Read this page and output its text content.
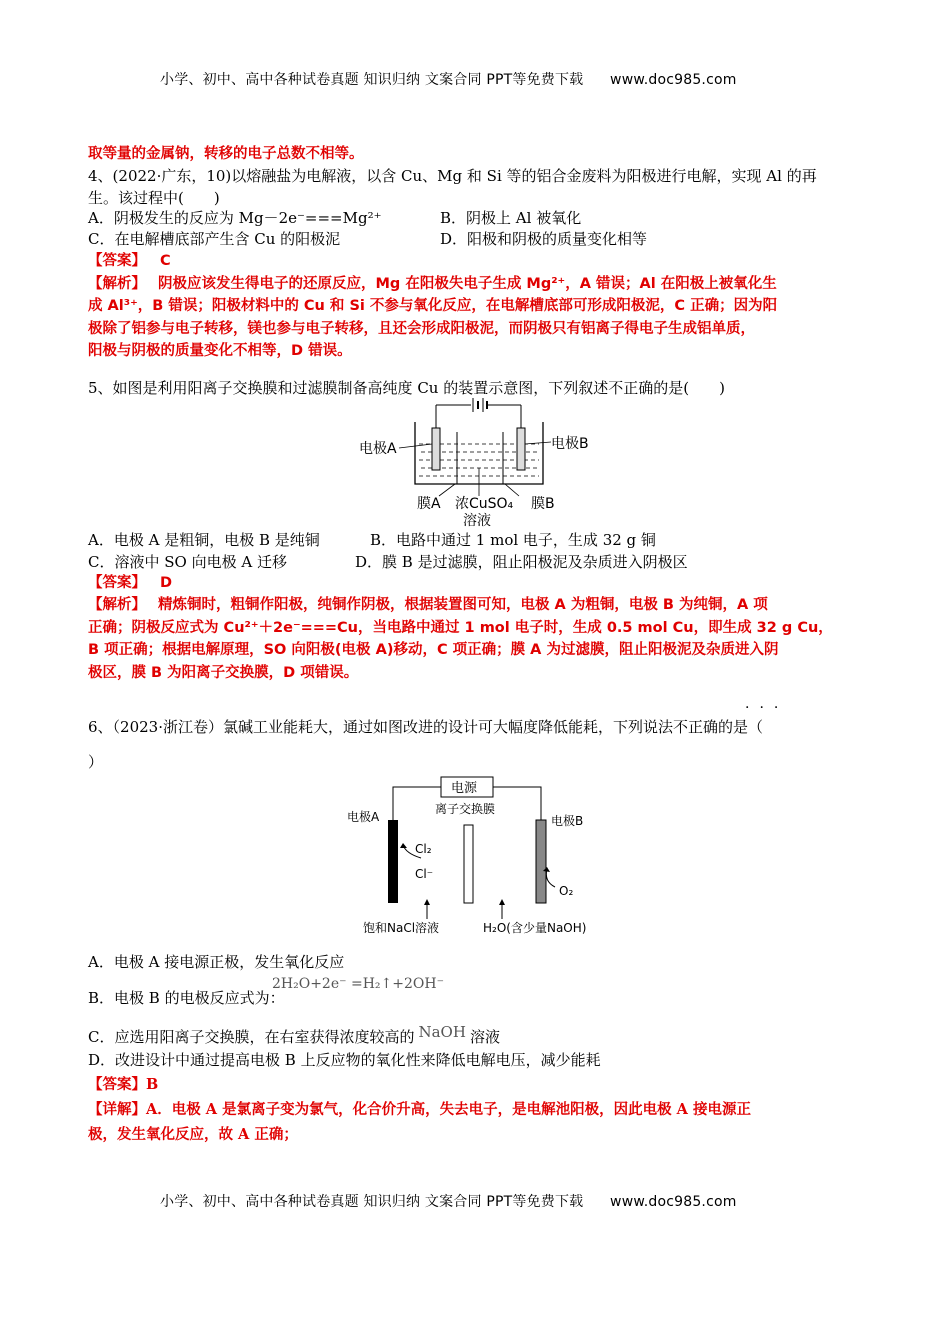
小学、初中、高中各种试卷真题 知识归纳 文案合同 PPT等免费下载 www.doc985.com
取等量的金属钠，转移的电子总数不相等。
4、(2022·广东，10)以熔融盐为电解液，以含 Cu、Mg 和 Si 等的铝合金废料为阳极进行电解，实现 Al 的再
生。该过程中(　　)
A．阴极发生的反应为 Mg－2e⁻===Mg²⁺	B．阴极上 Al 被氧化
C．在电解槽底部产生含 Cu 的阳极泥	D．阳极和阴极的质量变化相等
【答案】 C
【解析】 阴极应该发生得电子的还原反应，Mg 在阳极失电子生成 Mg²⁺，A 错误；Al 在阳极上被氧化生
成 Al³⁺，B 错误；阳极材料中的 Cu 和 Si 不参与氧化反应，在电解槽底部可形成阳极泥，C 正确；因为阳
极除了铝参与电子转移，镁也参与电子转移，且还会形成阳极泥，而阴极只有铝离子得电子生成铝单质，
阳极与阴极的质量变化不相等，D 错误。
5、如图是利用阳离子交换膜和过滤膜制备高纯度 Cu 的装置示意图，下列叙述不正确的是(　　)
电极A	电极B
膜A 浓CuSO₄ 膜B
溶液
A．电极 A 是粗铜，电极 B 是纯铜	B．电路中通过 1 mol 电子，生成 32 g 铜
C．溶液中 SO 向电极 A 迁移	D．膜 B 是过滤膜，阻止阳极泥及杂质进入阴极区
【答案】 D
【解析】 精炼铜时，粗铜作阳极，纯铜作阴极，根据装置图可知，电极 A 为粗铜，电极 B 为纯铜，A 项
正确；阴极反应式为 Cu²⁺＋2e⁻===Cu，当电路中通过 1 mol 电子时，生成 0.5 mol Cu，即生成 32 g Cu，
B 项正确；根据电解原理，SO 向阳极(电极 A)移动，C 项正确；膜 A 为过滤膜，阻止阳极泥及杂质进入阴
极区，膜 B 为阳离子交换膜，D 项错误。
···
6、（2023·浙江卷）氯碱工业能耗大，通过如图改进的设计可大幅度降低能耗，下列说法不正确的是（
）
电源
离子交换膜
电极A	电极B
Cl₂
Cl⁻
O₂
饱和NaCl溶液	H₂O(含少量NaOH)
A．电极 A 接电源正极，发生氧化反应
B．电极 B 的电极反应式为：
2H₂O+2e⁻ =H₂↑+2OH⁻
C．应选用阳离子交换膜，在右室获得浓度较高的 NaOH 溶液
D．改进设计中通过提高电极 B 上反应物的氧化性来降低电解电压，减少能耗
【答案】B
【详解】A．电极 A 是氯离子变为氯气，化合价升高，失去电子，是电解池阳极，因此电极 A 接电源正
极，发生氧化反应，故 A 正确；
小学、初中、高中各种试卷真题 知识归纳 文案合同 PPT等免费下载 www.doc985.com
